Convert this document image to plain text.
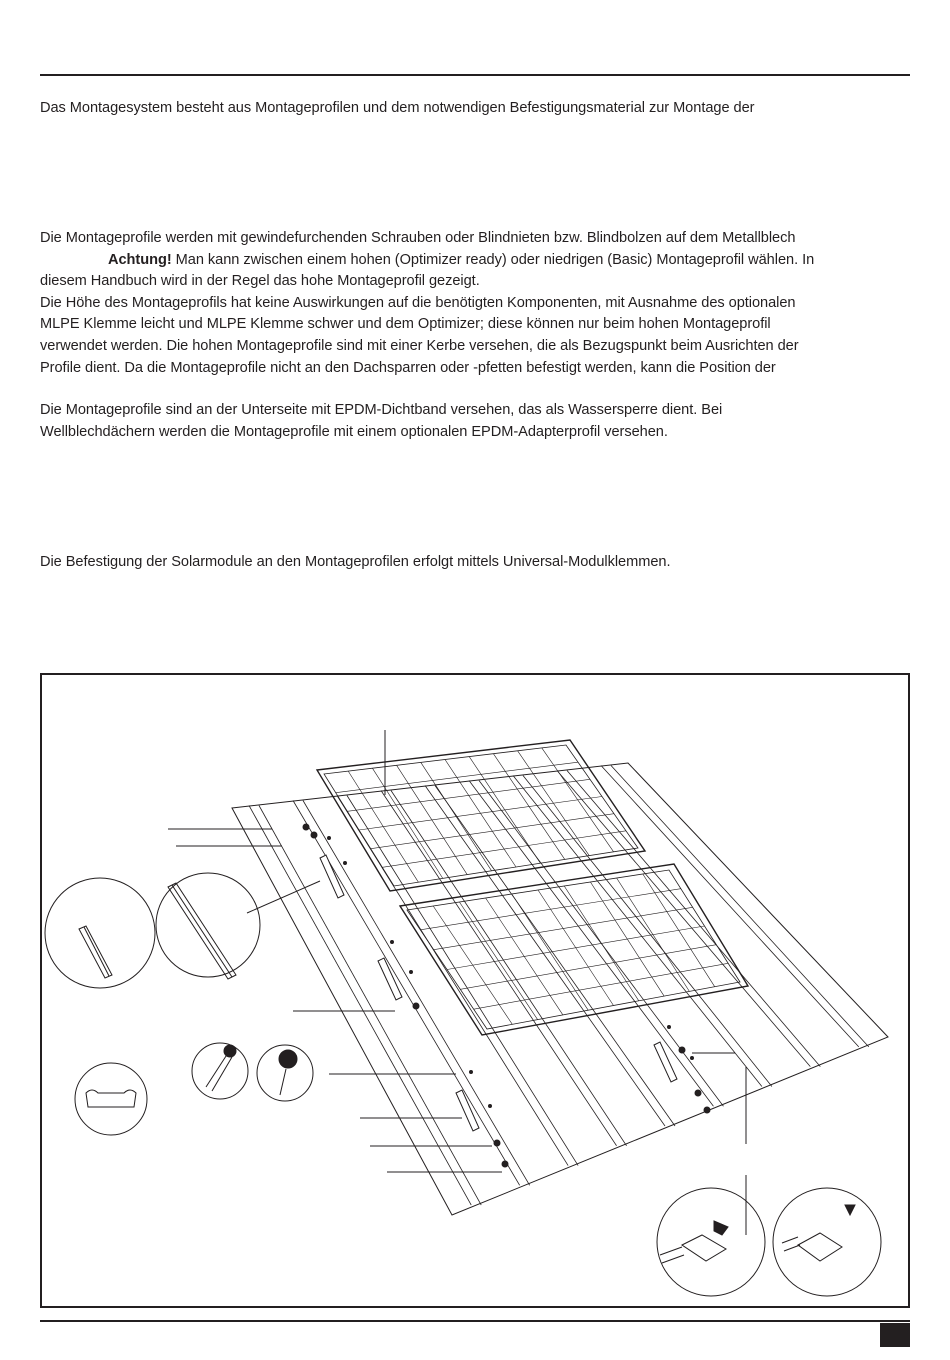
Das Montagesystem besteht aus Montageprofilen und dem notwendigen Befestigungsmaterial zur Montage der

Die Montageprofile werden mit gewindefurchenden Schrauben oder Blindnieten bzw. Blindbolzen auf dem Metallblech
Achtung! Man kann zwischen einem hohen (Optimizer ready) oder niedrigen (Basic) Montageprofil wählen. In
diesem Handbuch wird in der Regel das hohe Montageprofil gezeigt.
Die Höhe des Montageprofils hat keine Auswirkungen auf die benötigten Komponenten, mit Ausnahme des optionalen
MLPE Klemme leicht und MLPE Klemme schwer und dem Optimizer; diese können nur beim hohen Montageprofil
verwendet werden. Die hohen Montageprofile sind mit einer Kerbe versehen, die als Bezugspunkt beim Ausrichten der
Profile dient. Da die Montageprofile nicht an den Dachsparren oder -pfetten befestigt werden, kann die Position der

Die Montageprofile sind an der Unterseite mit EPDM-Dichtband versehen, das als Wassersperre dient. Bei
Wellblechdächern werden die Montageprofile mit einem optionalen EPDM-Adapterprofil versehen.

Die Befestigung der Solarmodule an den Montageprofilen erfolgt mittels Universal-Modulklemmen.
